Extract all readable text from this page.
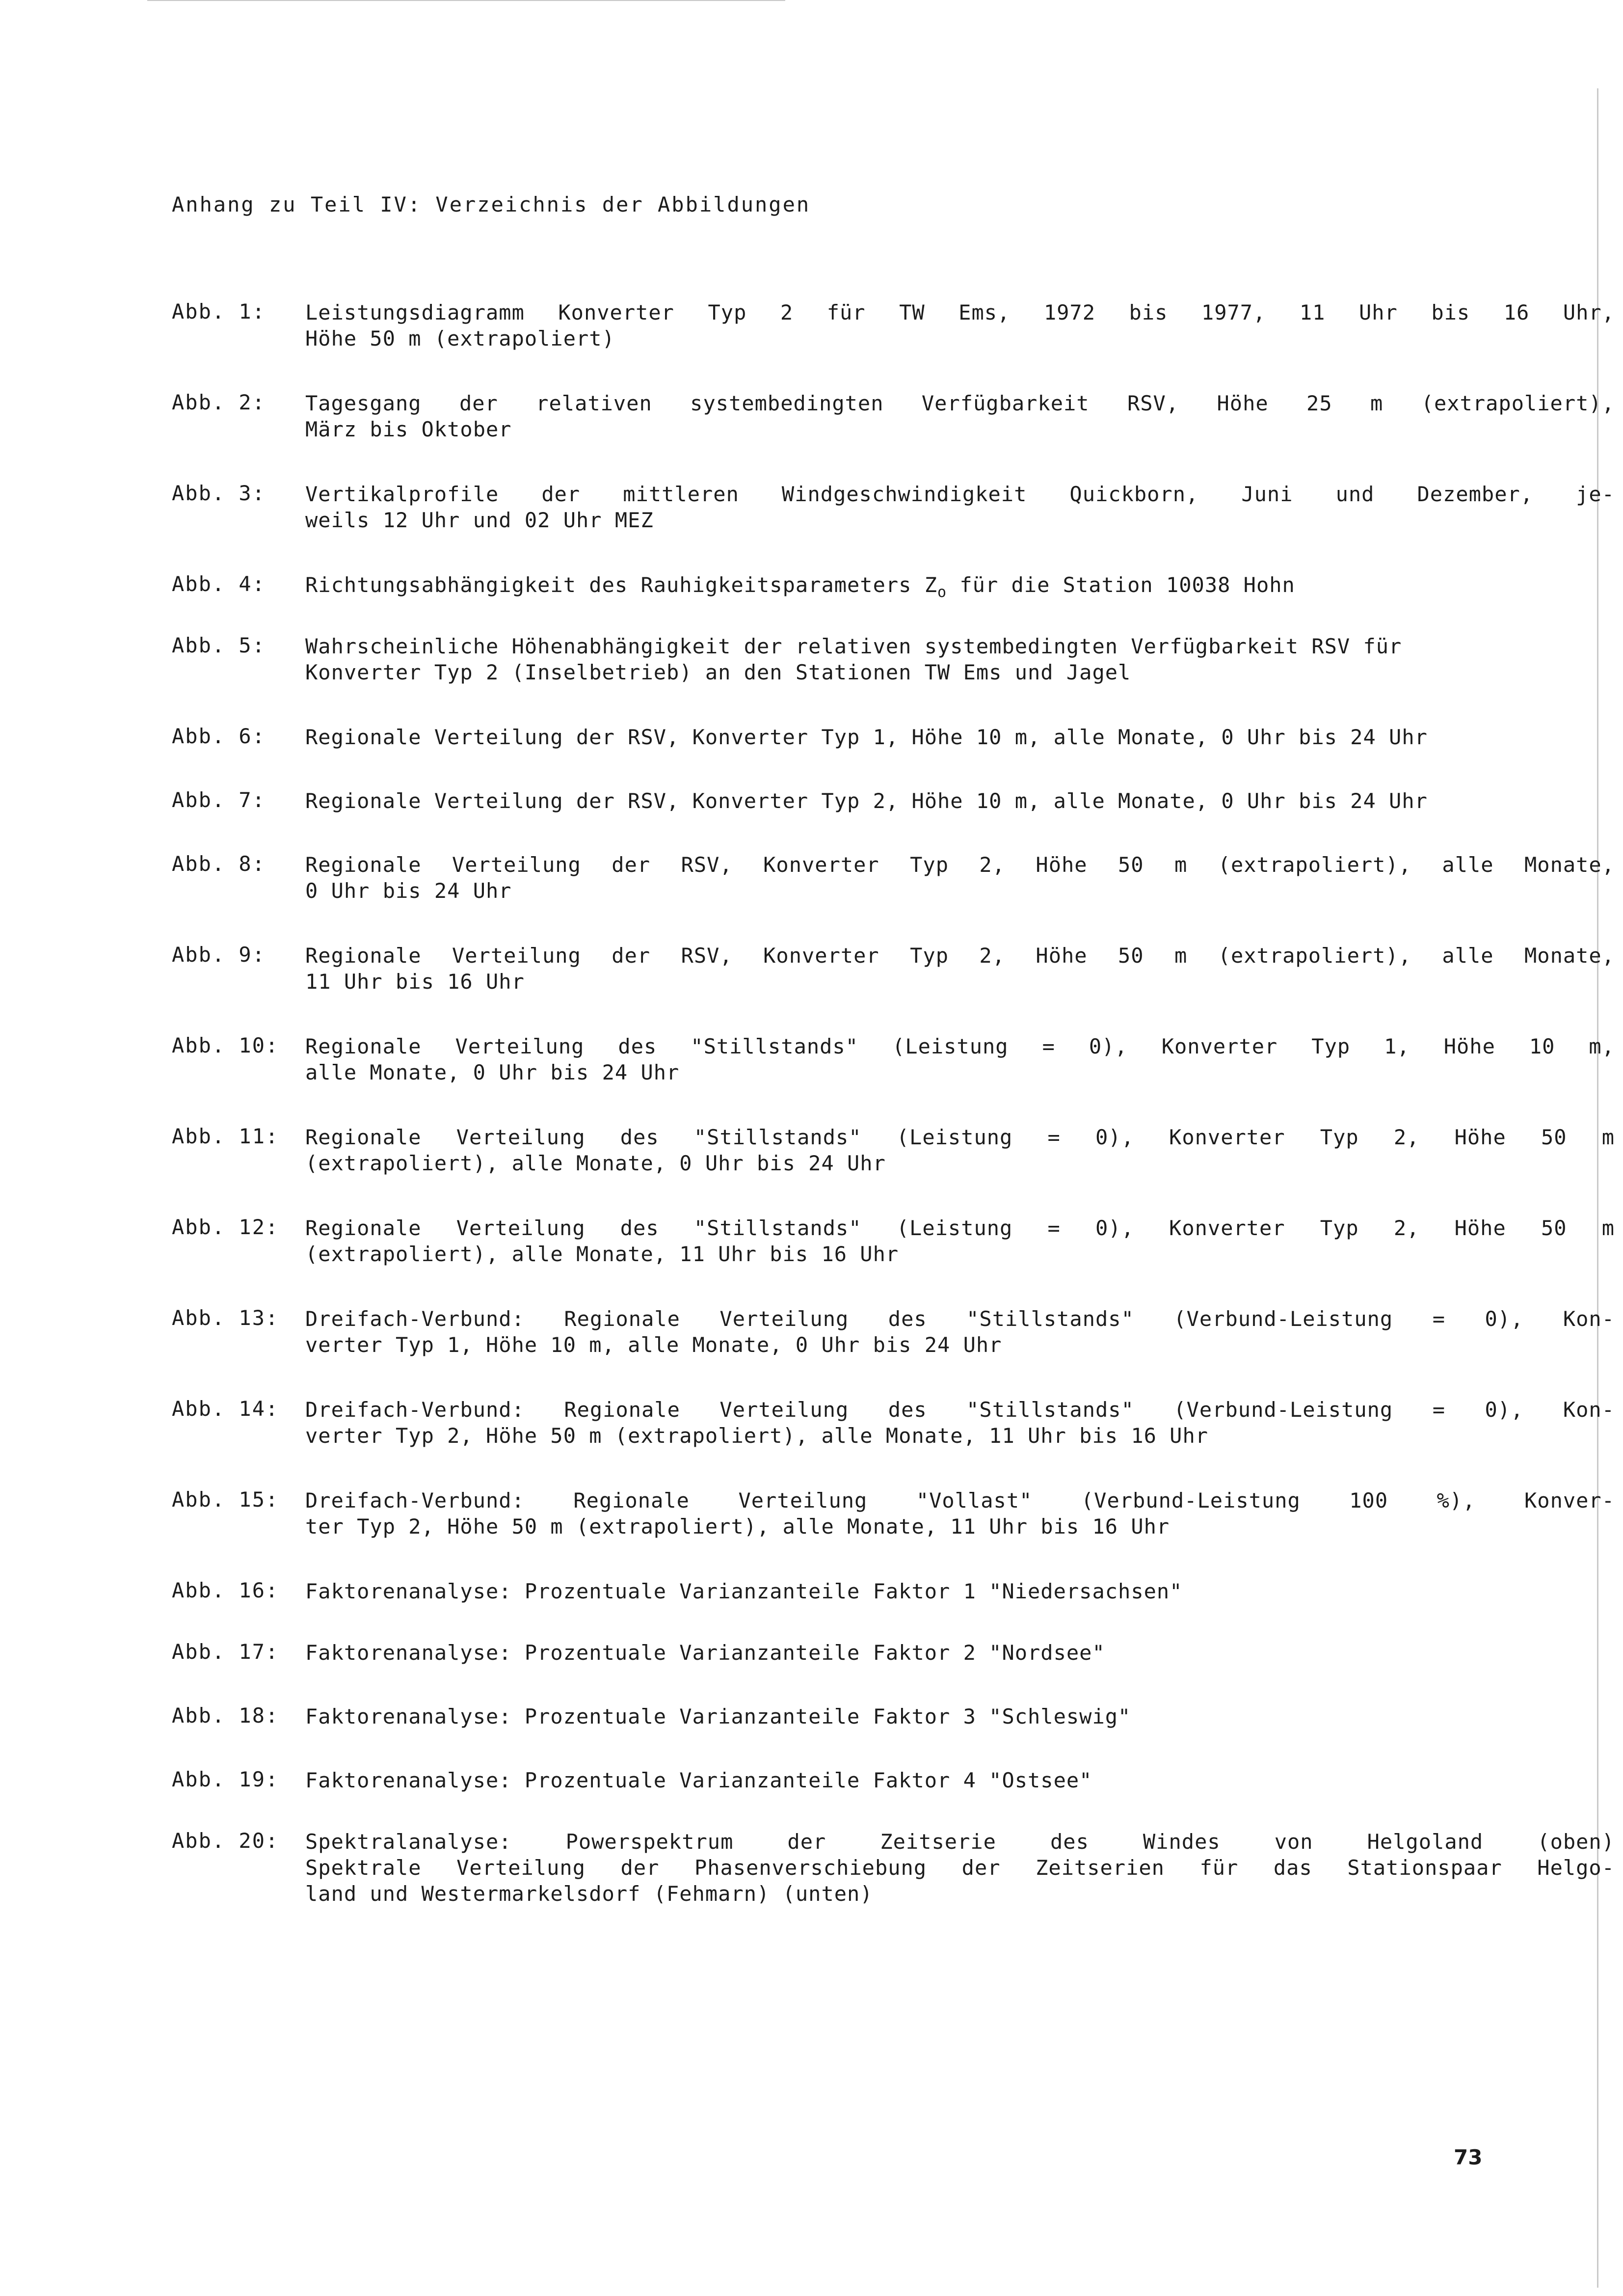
Anhang zu Teil IV: Verzeichnis der Abbildungen
Abb. 1: Leistungsdiagramm Konverter Typ 2 für TW Ems, 1972 bis 1977, 11 Uhr bis 16 Uhr,
Höhe 50 m (extrapoliert)
Abb. 2: Tagesgang der relativen systembedingten Verfügbarkeit RSV, Höhe 25 m (extrapoliert),
März bis Oktober
Abb. 3: Vertikalprofile der mittleren Windgeschwindigkeit Quickborn, Juni und Dezember, je-
weils 12 Uhr und 02 Uhr MEZ
Abb. 4: Richtungsabhängigkeit des Rauhigkeitsparameters $Z_o$ für die Station 10038 Hohn
Abb. 5: Wahrscheinliche Höhenabhängigkeit der relativen systembedingten Verfügbarkeit RSV für
Konverter Typ 2 (Inselbetrieb) an den Stationen TW Ems und Jagel
Abb. 6: Regionale Verteilung der RSV, Konverter Typ 1, Höhe 10 m, alle Monate, 0 Uhr bis 24 Uhr
Abb. 7: Regionale Verteilung der RSV, Konverter Typ 2, Höhe 10 m, alle Monate, 0 Uhr bis 24 Uhr
Abb. 8: Regionale Verteilung der RSV, Konverter Typ 2, Höhe 50 m (extrapoliert), alle Monate,
0 Uhr bis 24 Uhr
Abb. 9: Regionale Verteilung der RSV, Konverter Typ 2, Höhe 50 m (extrapoliert), alle Monate,
11 Uhr bis 16 Uhr
Abb. 10: Regionale Verteilung des "Stillstands" (Leistung = 0), Konverter Typ 1, Höhe 10 m,
alle Monate, 0 Uhr bis 24 Uhr
Abb. 11: Regionale Verteilung des "Stillstands" (Leistung = 0), Konverter Typ 2, Höhe 50 m
(extrapoliert), alle Monate, 0 Uhr bis 24 Uhr
Abb. 12: Regionale Verteilung des "Stillstands" (Leistung = 0), Konverter Typ 2, Höhe 50 m
(extrapoliert), alle Monate, 11 Uhr bis 16 Uhr
Abb. 13: Dreifach-Verbund: Regionale Verteilung des "Stillstands" (Verbund-Leistung = 0), Kon-
verter Typ 1, Höhe 10 m, alle Monate, 0 Uhr bis 24 Uhr
Abb. 14: Dreifach-Verbund: Regionale Verteilung des "Stillstands" (Verbund-Leistung = 0), Kon-
verter Typ 2, Höhe 50 m (extrapoliert), alle Monate, 11 Uhr bis 16 Uhr
Abb. 15: Dreifach-Verbund: Regionale Verteilung "Vollast" (Verbund-Leistung 100 %), Konver-
ter Typ 2, Höhe 50 m (extrapoliert), alle Monate, 11 Uhr bis 16 Uhr
Abb. 16: Faktorenanalyse: Prozentuale Varianzanteile Faktor 1 "Niedersachsen"
Abb. 17: Faktorenanalyse: Prozentuale Varianzanteile Faktor 2 "Nordsee"
Abb. 18: Faktorenanalyse: Prozentuale Varianzanteile Faktor 3 "Schleswig"
Abb. 19: Faktorenanalyse: Prozentuale Varianzanteile Faktor 4 "Ostsee"
Abb. 20: Spektralanalyse: Powerspektrum der Zeitserie des Windes von Helgoland (oben)
Spektrale Verteilung der Phasenverschiebung der Zeitserien für das Stationspaar Helgo-
land und Westermarkelsdorf (Fehmarn) (unten)
73
